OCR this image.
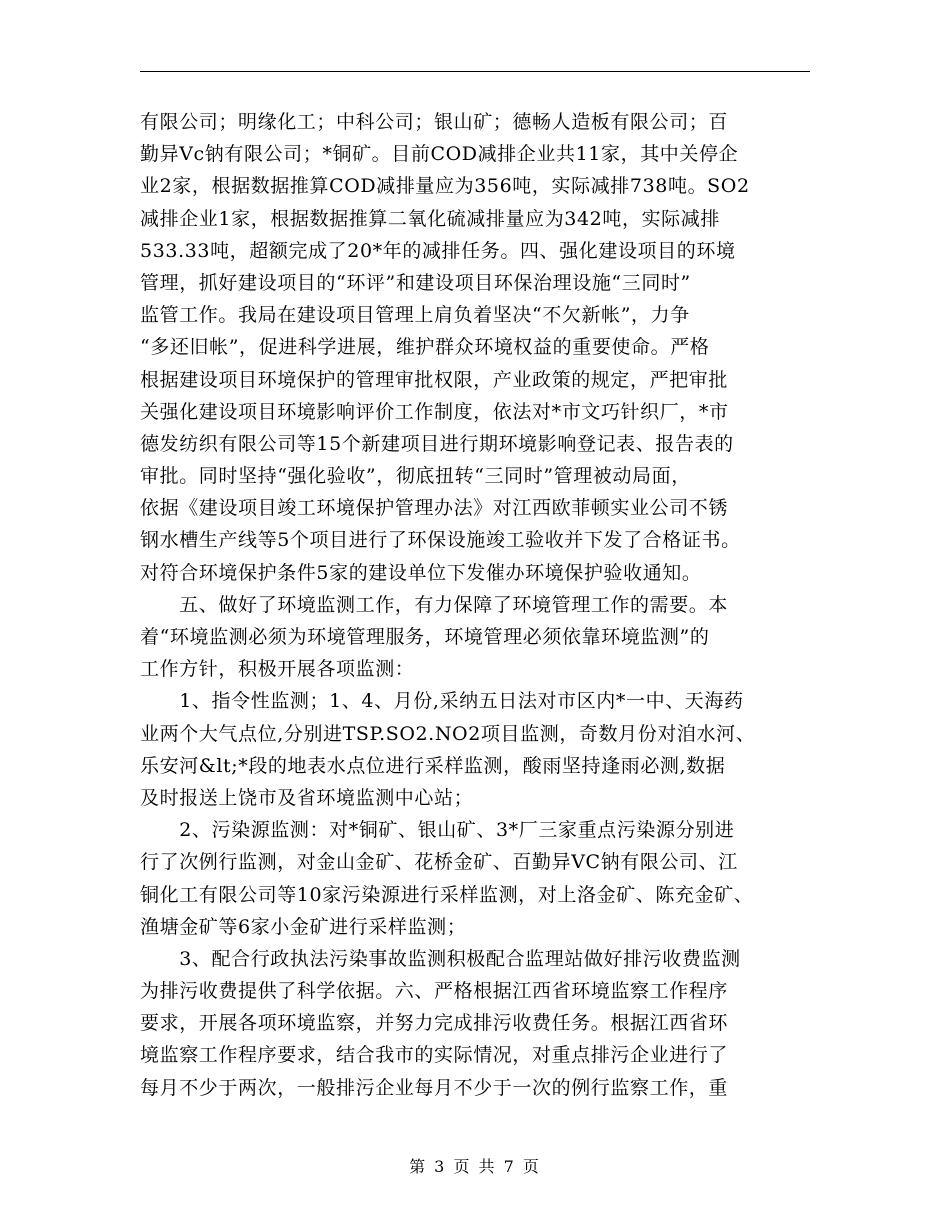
有限公司；明缘化工；中科公司；银山矿；德畅人造板有限公司；百
勤异Vc钠有限公司；*铜矿。目前COD减排企业共11家，其中关停企
业2家，根据数据推算COD减排量应为356吨，实际减排738吨。SO2
减排企业1家，根据数据推算二氧化硫减排量应为342吨，实际减排
533.33吨，超额完成了20*年的减排任务。四、强化建设项目的环境
管理，抓好建设项目的“环评”和建设项目环保治理设施“三同时”
监管工作。我局在建设项目管理上肩负着坚决“不欠新帐”，力争
“多还旧帐”，促进科学进展，维护群众环境权益的重要使命。严格
根据建设项目环境保护的管理审批权限，产业政策的规定，严把审批
关强化建设项目环境影响评价工作制度，依法对*市文巧针织厂，*市
德发纺织有限公司等15个新建项目进行期环境影响登记表、报告表的
审批。同时坚持“强化验收”，彻底扭转“三同时”管理被动局面，
依据《建设项目竣工环境保护管理办法》对江西欧菲顿实业公司不锈
钢水槽生产线等5个项目进行了环保设施竣工验收并下发了合格证书。
对符合环境保护条件5家的建设单位下发催办环境保护验收通知。
　　五、做好了环境监测工作，有力保障了环境管理工作的需要。本
着“环境监测必须为环境管理服务，环境管理必须依靠环境监测”的
工作方针，积极开展各项监测：
　　1、指令性监测；1、4、月份,采纳五日法对市区内*一中、天海药
业两个大气点位,分别进TSP.SO2.NO2项目监测，奇数月份对洎水河、
乐安河&lt;*段的地表水点位进行采样监测，酸雨坚持逢雨必测,数据
及时报送上饶市及省环境监测中心站；
　　2、污染源监测：对*铜矿、银山矿、3*厂三家重点污染源分别进
行了次例行监测，对金山金矿、花桥金矿、百勤异VC钠有限公司、江
铜化工有限公司等10家污染源进行采样监测，对上洛金矿、陈充金矿、
渔塘金矿等6家小金矿进行采样监测；
　　3、配合行政执法污染事故监测积极配合监理站做好排污收费监测
为排污收费提供了科学依据。六、严格根据江西省环境监察工作程序
要求，开展各项环境监察，并努力完成排污收费任务。根据江西省环
境监察工作程序要求，结合我市的实际情况，对重点排污企业进行了
每月不少于两次，一般排污企业每月不少于一次的例行监察工作，重
第 3 页 共 7 页
